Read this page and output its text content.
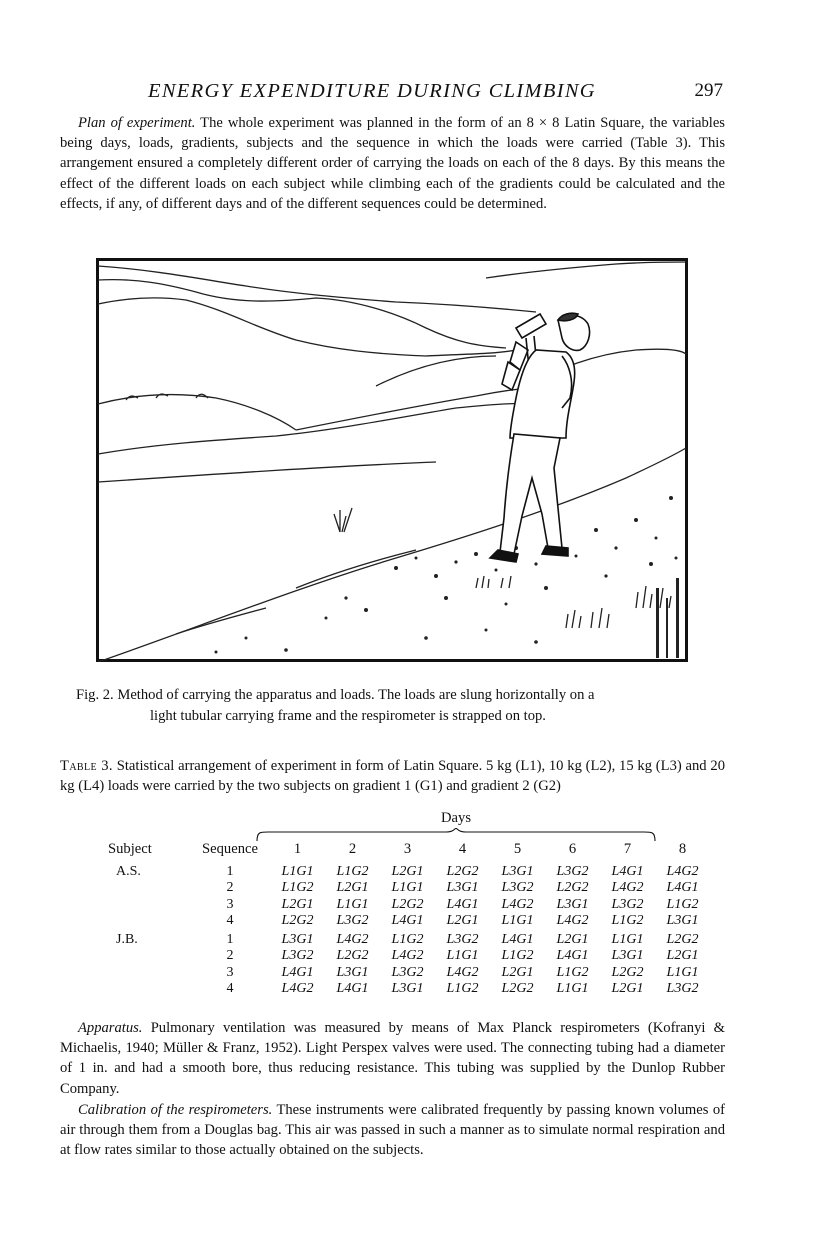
ENERGY EXPENDITURE DURING CLIMBING	297

Plan of experiment. The whole experiment was planned in the form of an 8 × 8 Latin Square, the variables being days, loads, gradients, subjects and the sequence in which the loads were carried (Table 3). This arrangement ensured a completely different order of carrying the loads on each of the 8 days. By this means the effect of the different loads on each subject while climbing each of the gradients could be calculated and the effects, if any, of different days and of the different sequences could be determined.

Fig. 2. Method of carrying the apparatus and loads. The loads are slung horizontally on a
light tubular carrying frame and the respirometer is strapped on top.
Table 3. Statistical arrangement of experiment in form of Latin Square. 5 kg (L1), 10 kg (L2), 15 kg (L3) and 20 kg (L4) loads were carried by the two subjects on gradient 1 (G1) and gradient 2 (G2)
Days
Subject	Sequence	1	2	3	4	5	6	7	8
A.S.	1	L1G1	L1G2	L2G1	L2G2	L3G1	L3G2	L4G1	L4G2
	2	L1G2	L2G1	L1G1	L3G1	L3G2	L2G2	L4G2	L4G1
	3	L2G1	L1G1	L2G2	L4G1	L4G2	L3G1	L3G2	L1G2
	4	L2G2	L3G2	L4G1	L2G1	L1G1	L4G2	L1G2	L3G1
J.B.	1	L3G1	L4G2	L1G2	L3G2	L4G1	L2G1	L1G1	L2G2
	2	L3G2	L2G2	L4G2	L1G1	L1G2	L4G1	L3G1	L2G1
	3	L4G1	L3G1	L3G2	L4G2	L2G1	L1G2	L2G2	L1G1
	4	L4G2	L4G1	L3G1	L1G2	L2G2	L1G1	L2G1	L3G2

Apparatus. Pulmonary ventilation was measured by means of Max Planck respirometers (Kofranyi & Michaelis, 1940; Müller & Franz, 1952). Light Perspex valves were used. The connecting tubing had a diameter of 1 in. and had a smooth bore, thus reducing resistance. This tubing was supplied by the Dunlop Rubber Company.

Calibration of the respirometers. These instruments were calibrated frequently by passing known volumes of air through them from a Douglas bag. This air was passed in such a manner as to simulate normal respiration and at flow rates similar to those actually obtained on the subjects.
